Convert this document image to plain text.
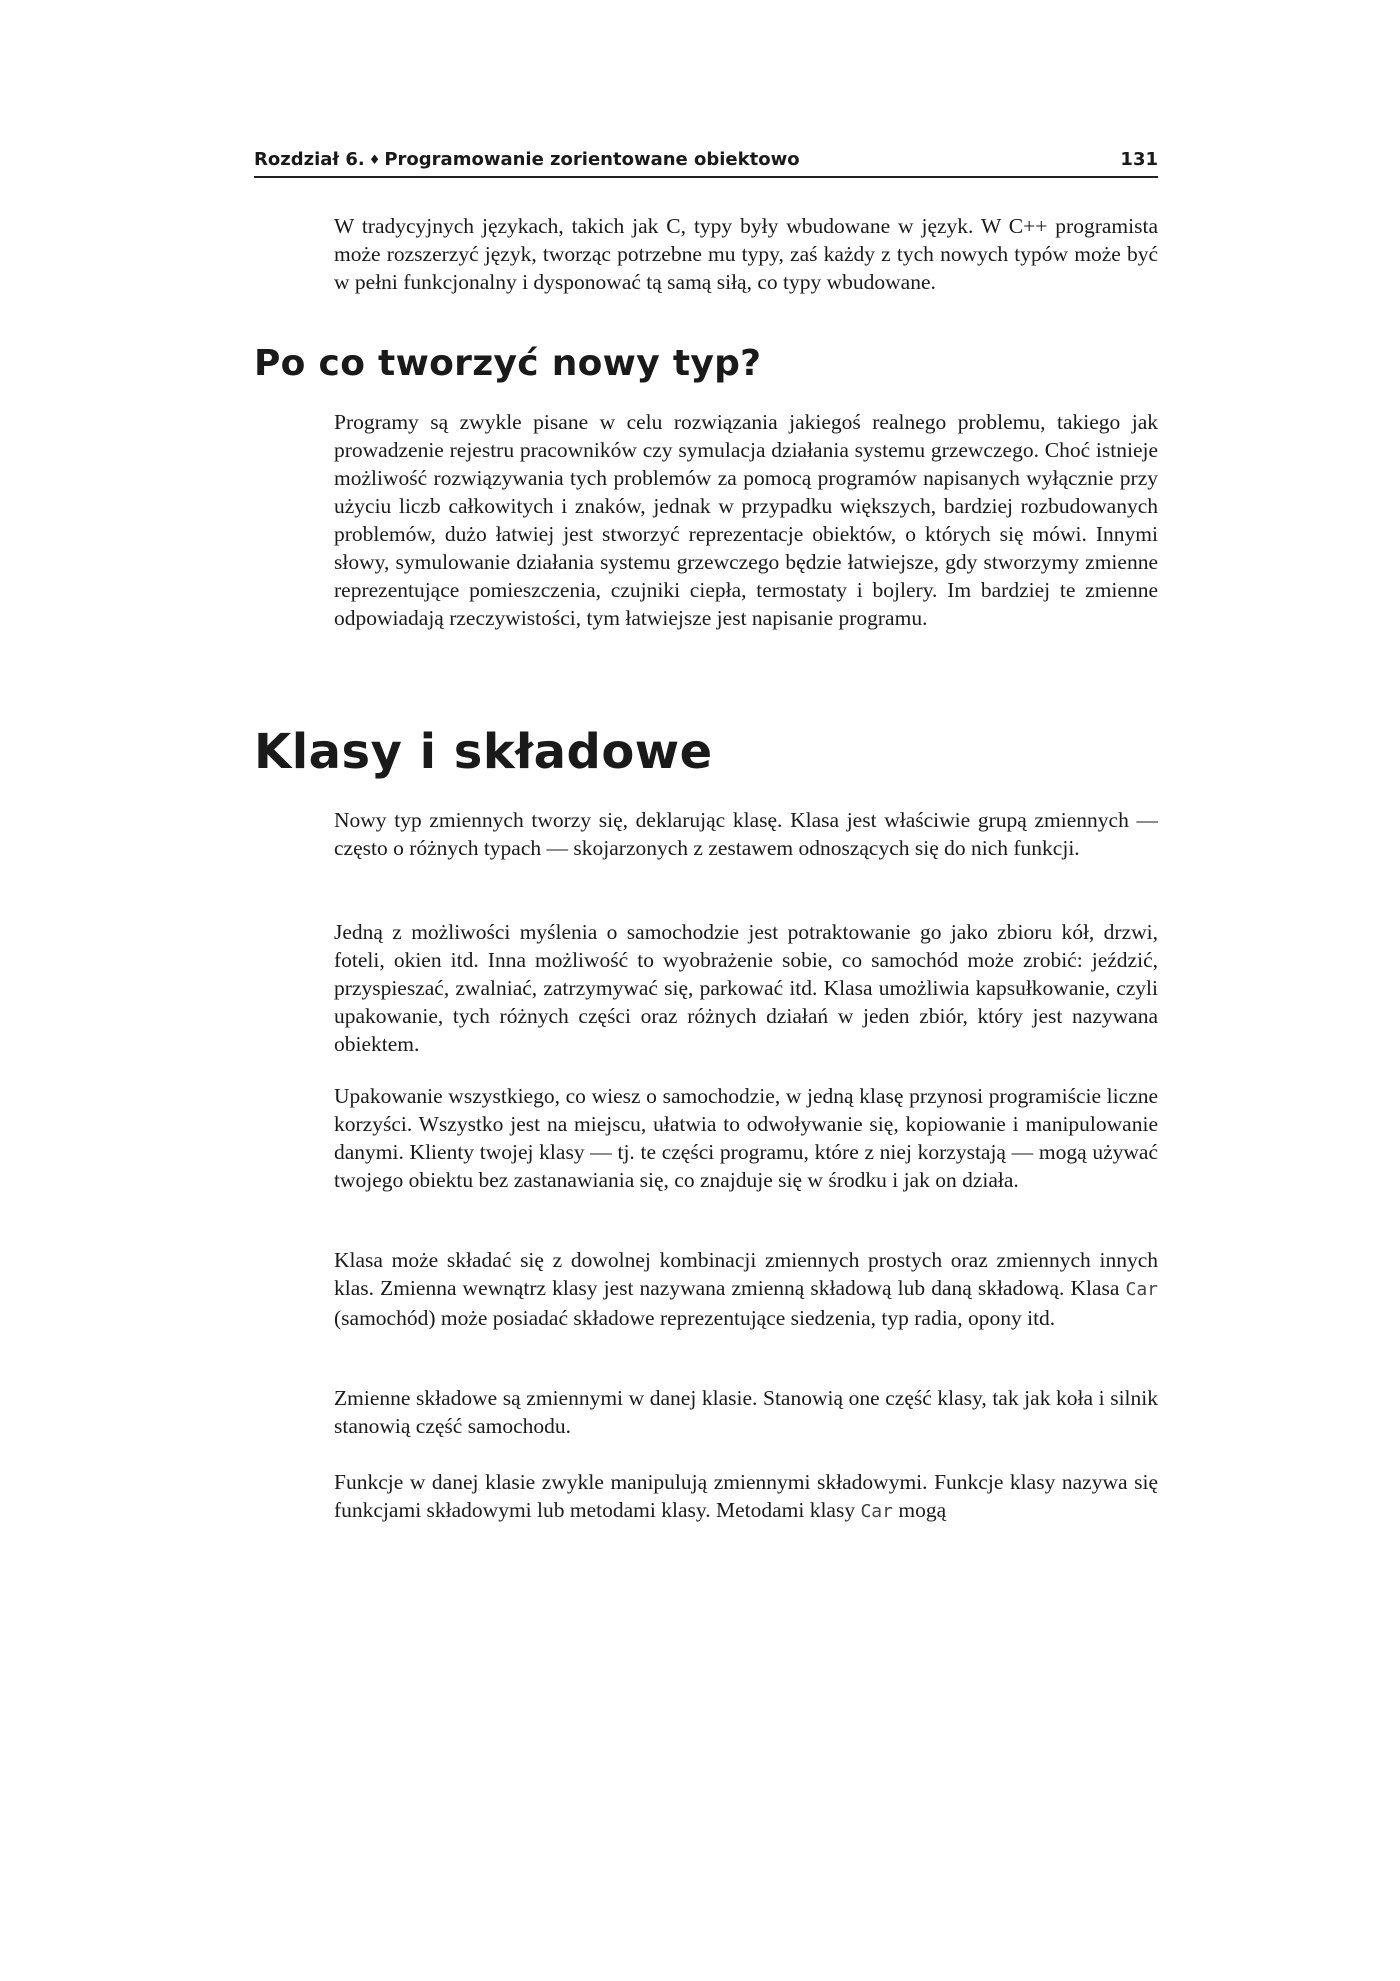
Rozdział 6. ♦ Programowanie zorientowane obiektowo	131

W tradycyjnych językach, takich jak C, typy były wbudowane w język. W C++ programista może rozszerzyć język, tworząc potrzebne mu typy, zaś każdy z tych nowych typów może być w pełni funkcjonalny i dysponować tą samą siłą, co typy wbudowane.

Po co tworzyć nowy typ?

Programy są zwykle pisane w celu rozwiązania jakiegoś realnego problemu, takiego jak prowadzenie rejestru pracowników czy symulacja działania systemu grzewczego. Choć istnieje możliwość rozwiązywania tych problemów za pomocą programów napisanych wyłącznie przy użyciu liczb całkowitych i znaków, jednak w przypadku większych, bardziej rozbudowanych problemów, dużo łatwiej jest stworzyć reprezentacje obiektów, o których się mówi. Innymi słowy, symulowanie działania systemu grzewczego będzie łatwiejsze, gdy stworzymy zmienne reprezentujące pomieszczenia, czujniki ciepła, termostaty i bojlery. Im bardziej te zmienne odpowiadają rzeczywistości, tym łatwiejsze jest napisanie programu.

Klasy i składowe

Nowy typ zmiennych tworzy się, deklarując klasę. Klasa jest właściwie grupą zmiennych — często o różnych typach — skojarzonych z zestawem odnoszących się do nich funkcji.

Jedną z możliwości myślenia o samochodzie jest potraktowanie go jako zbioru kół, drzwi, foteli, okien itd. Inna możliwość to wyobrażenie sobie, co samochód może zrobić: jeździć, przyspieszać, zwalniać, zatrzymywać się, parkować itd. Klasa umożliwia kapsułkowanie, czyli upakowanie, tych różnych części oraz różnych działań w jeden zbiór, który jest nazywana obiektem.

Upakowanie wszystkiego, co wiesz o samochodzie, w jedną klasę przynosi programiście liczne korzyści. Wszystko jest na miejscu, ułatwia to odwoływanie się, kopiowanie i manipulowanie danymi. Klienty twojej klasy — tj. te części programu, które z niej korzystają — mogą używać twojego obiektu bez zastanawiania się, co znajduje się w środku i jak on działa.

Klasa może składać się z dowolnej kombinacji zmiennych prostych oraz zmiennych innych klas. Zmienna wewnątrz klasy jest nazywana zmienną składową lub daną składową. Klasa Car (samochód) może posiadać składowe reprezentujące siedzenia, typ radia, opony itd.

Zmienne składowe są zmiennymi w danej klasie. Stanowią one część klasy, tak jak koła i silnik stanowią część samochodu.

Funkcje w danej klasie zwykle manipulują zmiennymi składowymi. Funkcje klasy nazywa się funkcjami składowymi lub metodami klasy. Metodami klasy Car mogą
